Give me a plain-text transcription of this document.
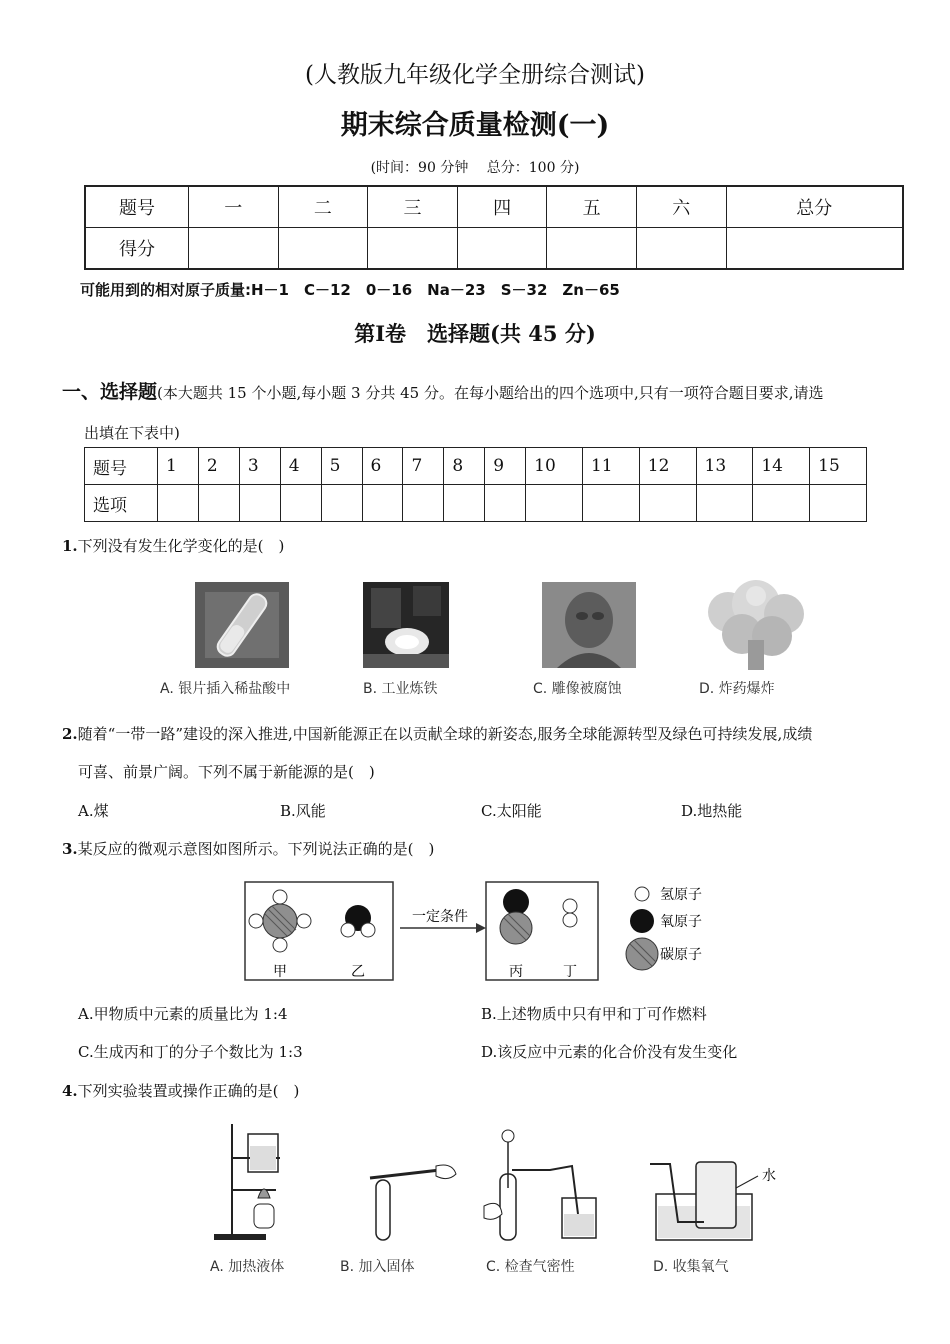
(人教版九年级化学全册综合测试)
期末综合质量检测(一)
(时间：90 分钟　 总分：100 分)
题号	一	二	三	四	五	六	总分
得分							
可能用到的相对原子质量:H－1　C－12　0－16　Na－23　S－32　Zn－65
第Ⅰ卷　选择题(共 45 分)
一、选择题(本大题共 15 个小题,每小题 3 分共 45 分。在每小题给出的四个选项中,只有一项符合题目要求,请选
出填在下表中)
题号	1	2	3	4	5	6	7	8	9	10	11	12	13	14	15
选项															
1.下列没有发生化学变化的是(　)
A. 银片插入稀盐酸中	B. 工业炼铁	C. 雕像被腐蚀	D. 炸药爆炸
2.随着“一带一路”建设的深入推进,中国新能源正在以贡献全球的新姿态,服务全球能源转型及绿色可持续发展,成绩
可喜、前景广阔。下列不属于新能源的是(　)
A.煤	B.风能	C.太阳能	D.地热能
3.某反应的微观示意图如图所示。下列说法正确的是(　)
甲	乙	丙	丁
一定条件
氢原子
氧原子
碳原子
A.甲物质中元素的质量比为 1:4	B.上述物质中只有甲和丁可作燃料
C.生成丙和丁的分子个数比为 1:3	D.该反应中元素的化合价没有发生变化
4.下列实验装置或操作正确的是(　)
水
A. 加热液体	B. 加入固体	C. 检查气密性	D. 收集氧气
